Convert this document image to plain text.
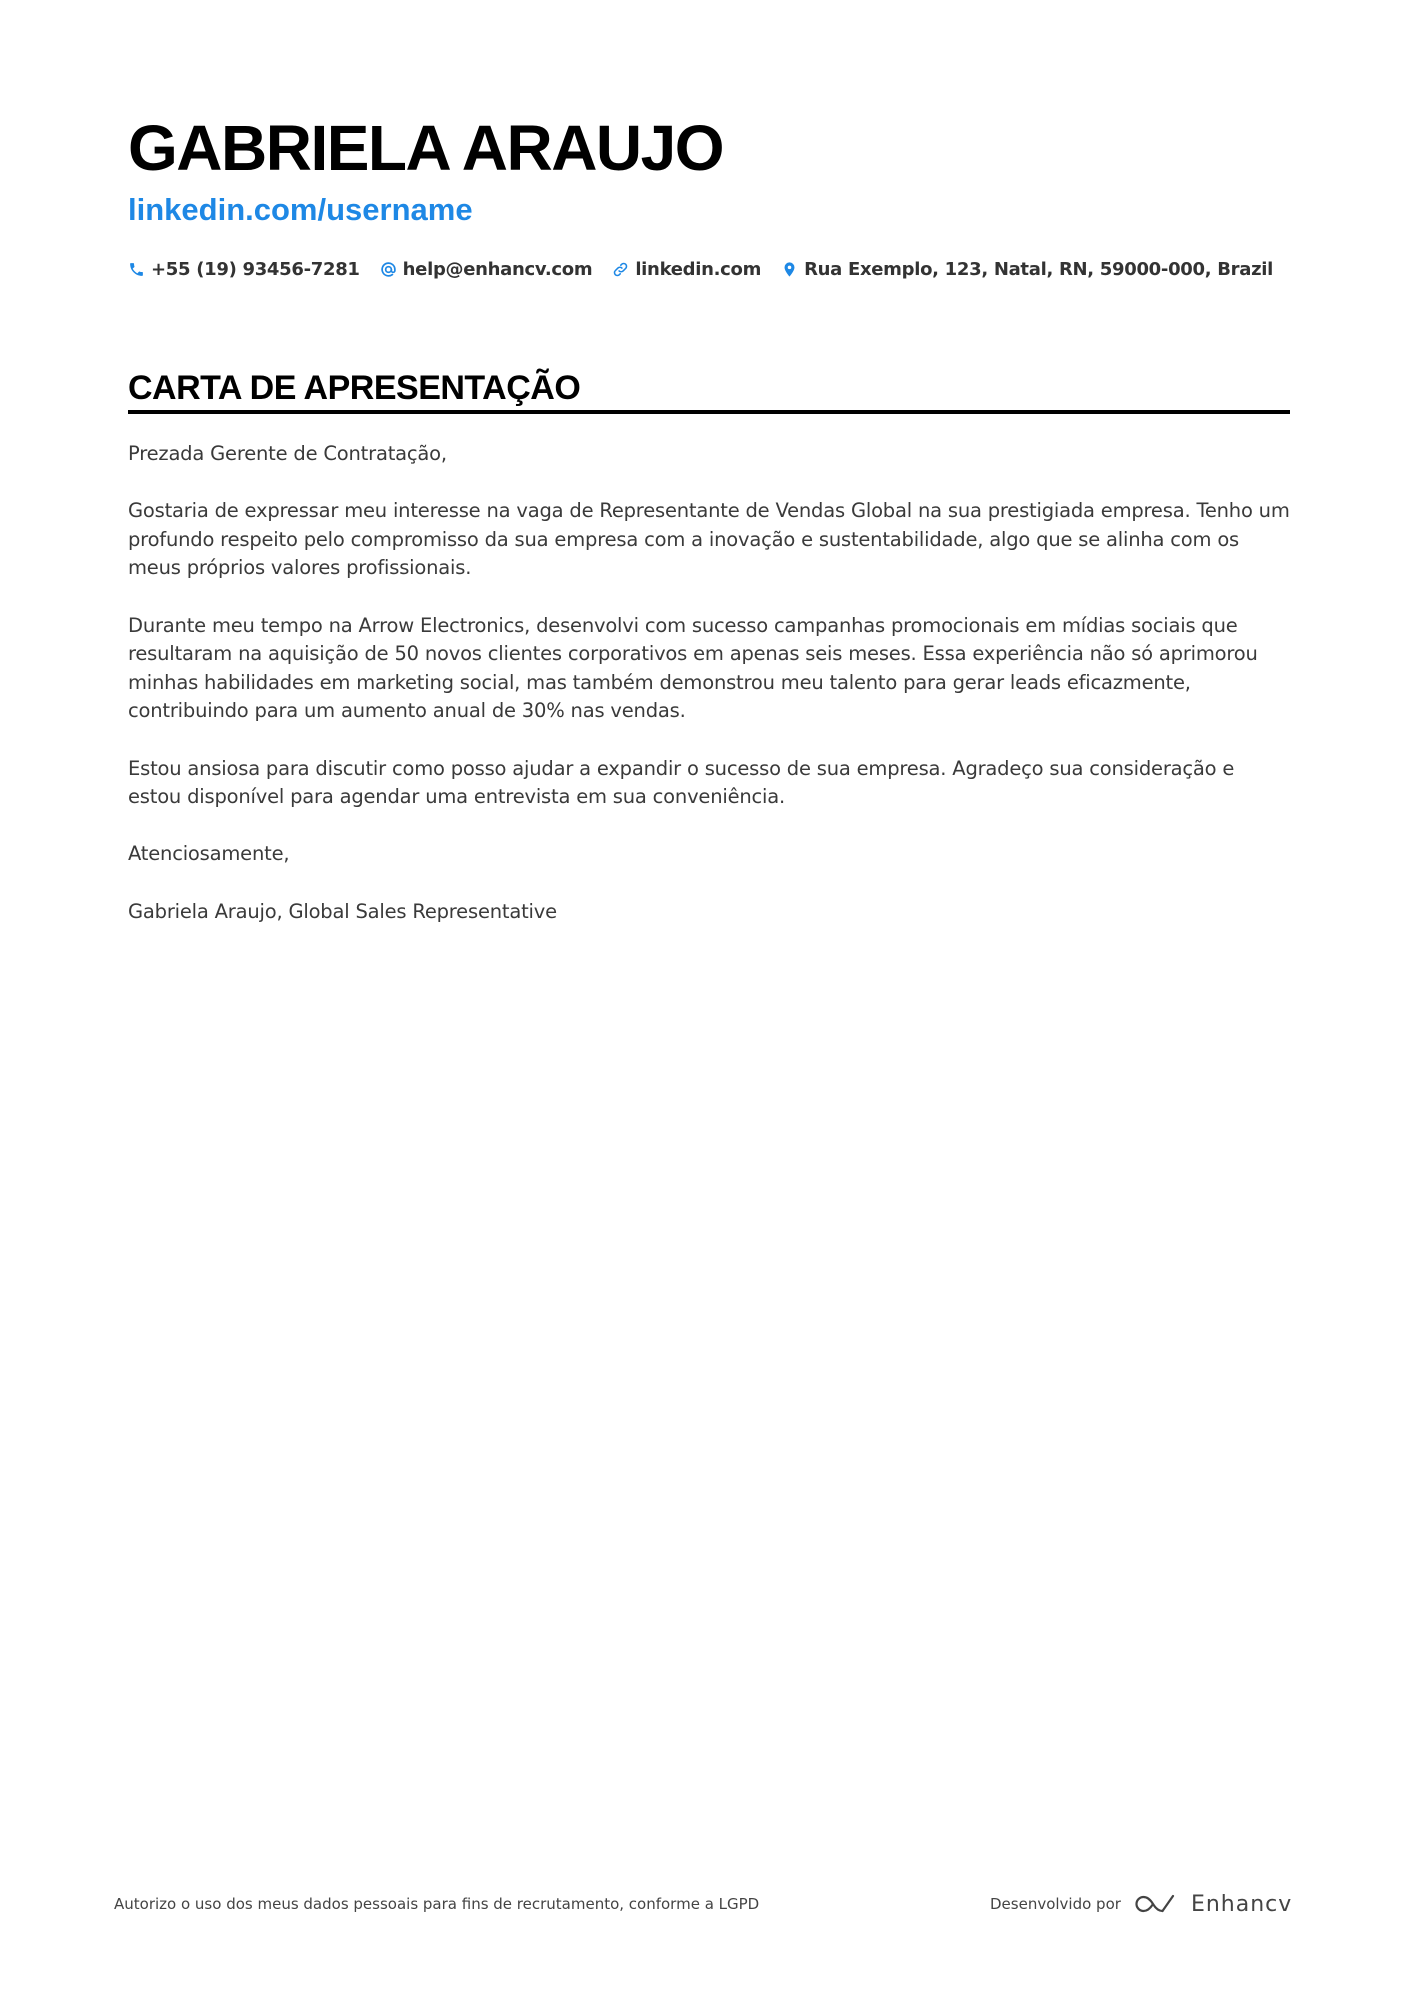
GABRIELA ARAUJO
linkedin.com/username
+55 (19) 93456-7281 help@enhancv.com linkedin.com Rua Exemplo, 123, Natal, RN, 59000-000, Brazil
CARTA DE APRESENTAÇÃO

Prezada Gerente de Contratação,

Gostaria de expressar meu interesse na vaga de Representante de Vendas Global na sua prestigiada empresa. Tenho um profundo respeito pelo compromisso da sua empresa com a inovação e sustentabilidade, algo que se alinha com os meus próprios valores profissionais.

Durante meu tempo na Arrow Electronics, desenvolvi com sucesso campanhas promocionais em mídias sociais que resultaram na aquisição de 50 novos clientes corporativos em apenas seis meses. Essa experiência não só aprimorou minhas habilidades em marketing social, mas também demonstrou meu talento para gerar leads eficazmente, contribuindo para um aumento anual de 30% nas vendas.

Estou ansiosa para discutir como posso ajudar a expandir o sucesso de sua empresa. Agradeço sua consideração e estou disponível para agendar uma entrevista em sua conveniência.

Atenciosamente,

Gabriela Araujo, Global Sales Representative

Autorizo o uso dos meus dados pessoais para fins de recrutamento, conforme a LGPD	Desenvolvido por	Enhancv
